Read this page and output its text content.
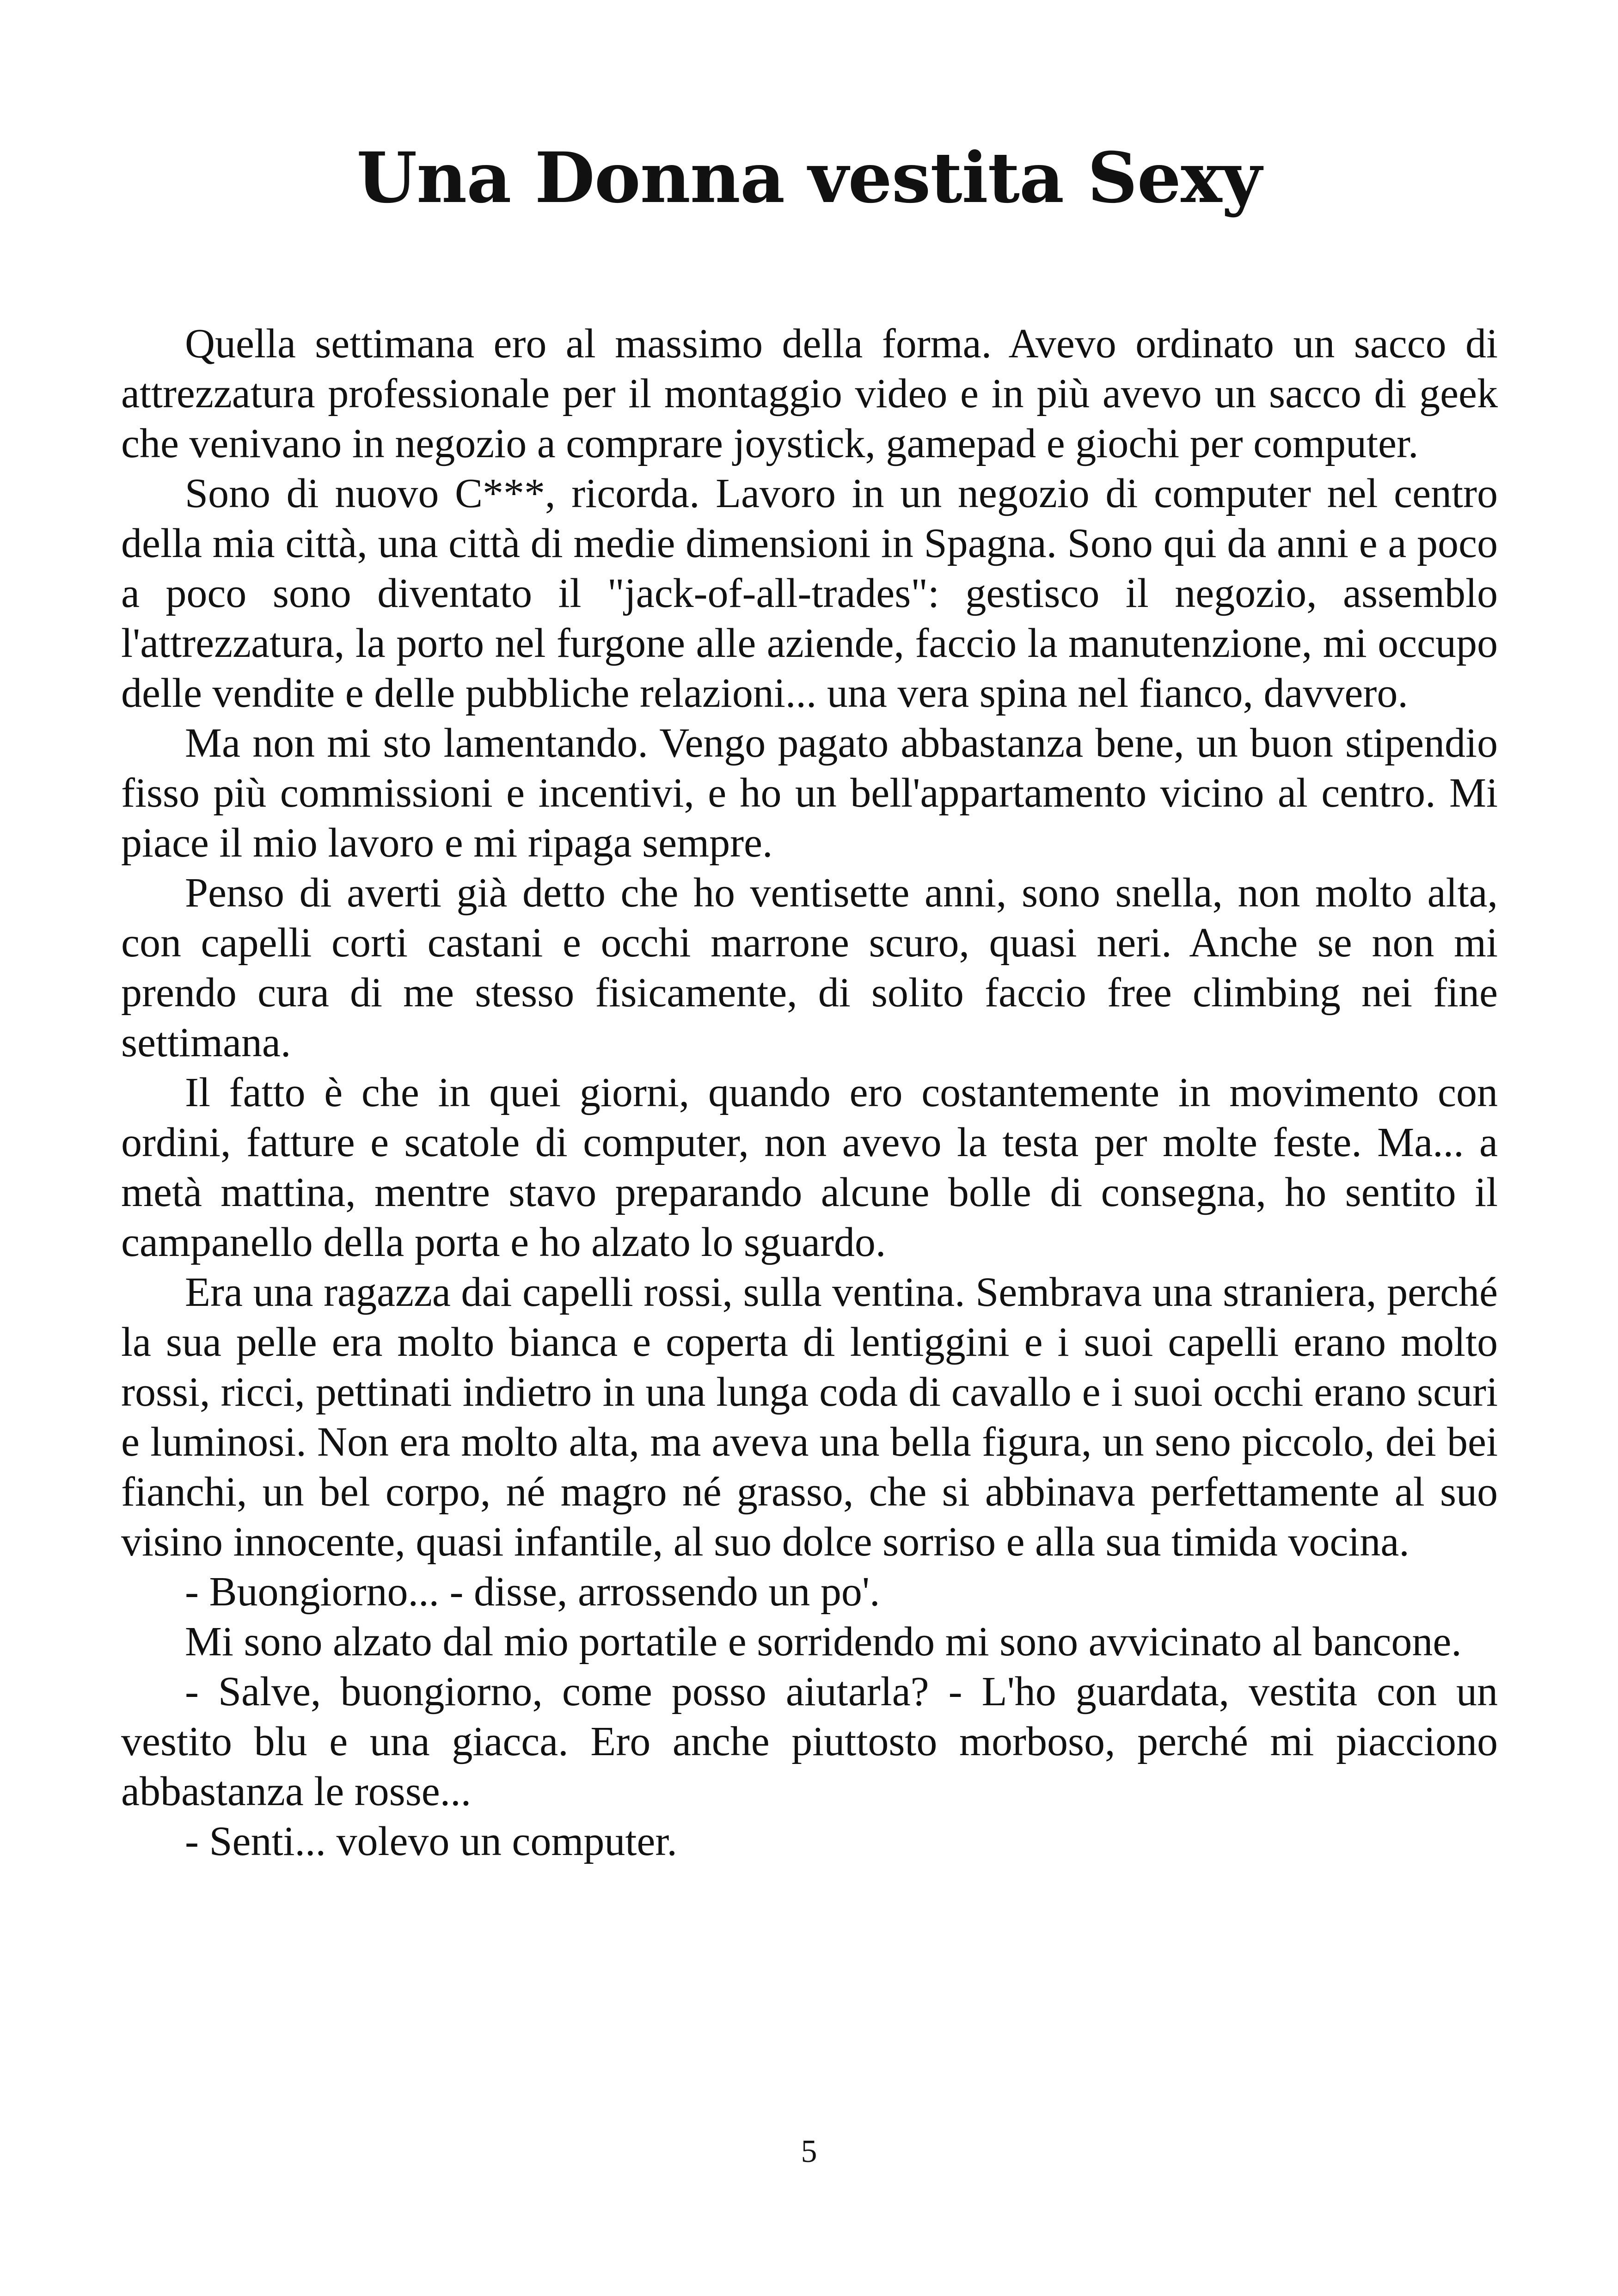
Una Donna vestita Sexy

Quella settimana ero al massimo della forma. Avevo ordinato un sacco di attrezzatura professionale per il montaggio video e in più avevo un sacco di geek che venivano in negozio a comprare joystick, gamepad e giochi per computer.

Sono di nuovo C***, ricorda. Lavoro in un negozio di computer nel centro della mia città, una città di medie dimensioni in Spagna. Sono qui da anni e a poco a poco sono diventato il "jack-of-all-trades": gestisco il negozio, assemblo l'attrezzatura, la porto nel furgone alle aziende, faccio la manutenzione, mi occupo delle vendite e delle pubbliche relazioni... una vera spina nel fianco, davvero.

Ma non mi sto lamentando. Vengo pagato abbastanza bene, un buon stipendio fisso più commissioni e incentivi, e ho un bell'appartamento vicino al centro. Mi piace il mio lavoro e mi ripaga sempre.

Penso di averti già detto che ho ventisette anni, sono snella, non molto alta, con capelli corti castani e occhi marrone scuro, quasi neri. Anche se non mi prendo cura di me stesso fisicamente, di solito faccio free climbing nei fine settimana.

Il fatto è che in quei giorni, quando ero costantemente in movimento con ordini, fatture e scatole di computer, non avevo la testa per molte feste. Ma... a metà mattina, mentre stavo preparando alcune bolle di consegna, ho sentito il campanello della porta e ho alzato lo sguardo.

Era una ragazza dai capelli rossi, sulla ventina. Sembrava una straniera, perché la sua pelle era molto bianca e coperta di lentiggini e i suoi capelli erano molto rossi, ricci, pettinati indietro in una lunga coda di cavallo e i suoi occhi erano scuri e luminosi. Non era molto alta, ma aveva una bella figura, un seno piccolo, dei bei fianchi, un bel corpo, né magro né grasso, che si abbinava perfettamente al suo visino innocente, quasi infantile, al suo dolce sorriso e alla sua timida vocina.

- Buongiorno... - disse, arrossendo un po'.

Mi sono alzato dal mio portatile e sorridendo mi sono avvicinato al bancone.

- Salve, buongiorno, come posso aiutarla? - L'ho guardata, vestita con un vestito blu e una giacca. Ero anche piuttosto morboso, perché mi piacciono abbastanza le rosse...

- Senti... volevo un computer.

5
